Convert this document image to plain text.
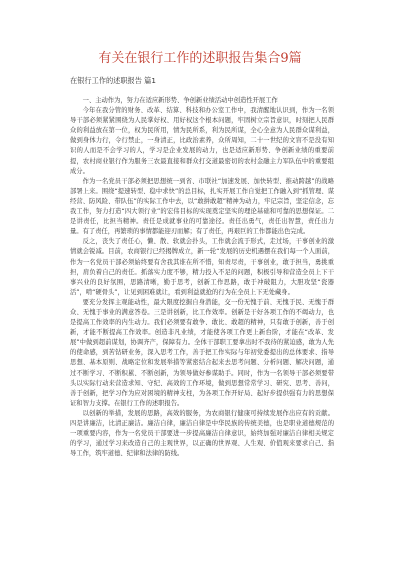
有关在银行工作的述职报告集合9篇
在银行工作的述职报告 篇1

一、主动作为，努力在适应新形势、争创新业绩活动中创造性开展工作

今年在我分管的财务、改革、结算、科技和办公室工作中，我清醒地认识到，作为一名领导干部必须紧紧围绕为人民掌好权、用好权这个根本问题，牢固树立宗旨意识，时刻把人民群众的利益放在第一位，权为民所用，情为民所系，利为民所谋，全心全意为人民群众谋利益，做到身体力行，令行禁止，一身清正，比政治素养，众所周知，二十一世纪的文盲不是没有知识的人而是不会学习的人，学习是企业发展的动力，也是适应新形势、争创新业绩的重要前提，农村商业银行作为服务三农最直接和群众打交道最密切的农村金融主力军队伍中的重要组成分。

作为一名党员干部必须把思想统一到省、市联社“加速发展、加快转型、推动跨越”的战略部署上来。围绕“提速转型、稳中求快”的总目标，扎实开展工作自觉把工作融入到“抓管理、谋经营、防风险、带队伍”的实际工作中去，以“敢拼敢超”精神为动力，牢记宗旨，坚定信念，忘我工作，努力打造“四大领行业”的宏伟目标的实现奠定坚实的理论基础和可靠的思想保证。二是讲责任，比担当精神。责任是成就事业的可靠途径。责任出勇气，责任出智慧，责任出力量。有了责任，再繁琐的事情都能迎刃而解；有了责任，再艰巨的工作都能出色完成。

反之，丧失了责任心，懒、散、软就会扑头，工作就会流于形式，走过场，干事创业的激情就会锐减。目前，农商银行已经揭牌成立，新一轮“发展的历史机遇摆在我们每一个人面前，作为一名党员干部必须始终要有舍我其谁在所不惜，知责尽责，干事创业，敢于担当，勇挑重担，肩负着自己的责任。抓落实力度不够，精力投入不足的问题，积极引导和营造全员上下干事兴业的良好氛围，思路清晰，勤于思考，创新工作思路，敢于冲破阻力，大胆攻坚“瓷器活”，啃“硬骨头”，让见到困难就让，看到利益就抢的行为在全员上下无处藏身。

要充分发挥主观能动性，最大限度挖掘自身潜能，交一份无愧于前、无愧于民、无愧于群众、无愧于事业的满意答卷。三是讲创新，比工作效率。创新是干好各项工作的不竭动力，也是提高工作效率的内生动力。我们必须要有敢争、敢比、敢超的精神，只有敢于创新，善于创新，才能不断提高工作效率。创造非凡业绩，才能使各项工作更上新台阶，才能在“改革、发展”中做到超前谋划，协调齐产，保障有力。全体干部职工要拿出时不我待的紧迫感，敢为人先的使命感，到苦钻研业务，深入思考工作，善于把工作实际与年初党委提出的总体要求、指导思想、基本原则、战略定位和发展举措等紧密结合起来去思考问题、分析问题、解决问题，通过不断学习、不断积累、不断创新，为领导做好参谋助手。同时，作为一名领导干部必须要带头以实际行动来营造求知、守纪、高效的工作环境，做到思想常常学习、研究、思考、善问，善于创新，把学习作为应对困境的精神支柱，为各项工作开好局、起好步提供强有力的思想保证和智力支撑。在银行工作的述职报告。

以创新的举措，发展的思路，高效的服务，为农商银行健康可持续发展作出应有的贡献。四是讲廉洁，比清正廉洁。廉洁自律，廉洁自律是中华民族的传统美德，也是职业道德规范的一项重要内容，作为一名党员干部要进一步提高廉洁自律意识，始终加强对廉洁自律相关规定的学习，通过学习来改造自己的主观世界，以正确的世界观、人生观、价值观来要求自己、指导工作，筑牢道德、纪律和法律的防线。
